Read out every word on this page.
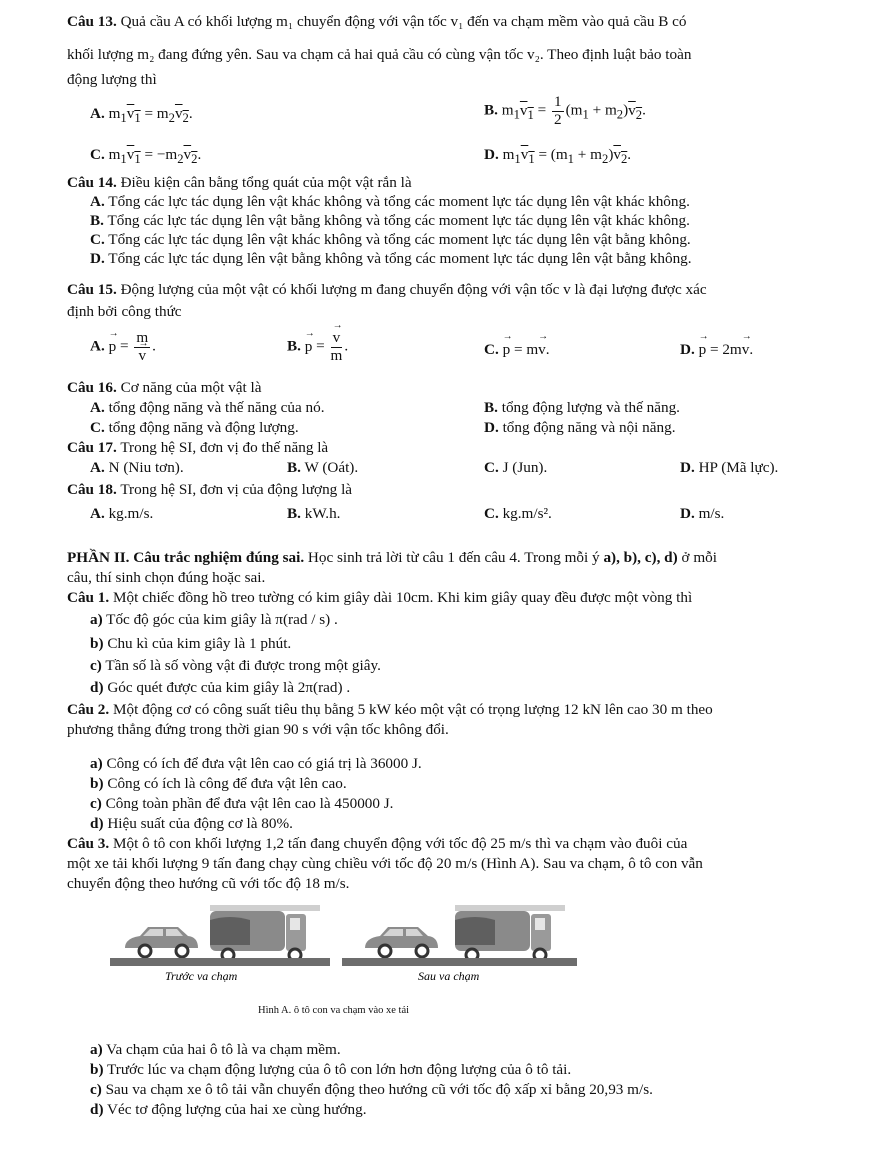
Câu 13. Quả cầu A có khối lượng m₁ chuyển động với vận tốc v₁ đến va chạm mềm vào quả cầu B có
khối lượng m₂ đang đứng yên. Sau va chạm cả hai quả cầu có cùng vận tốc v₂. Theo định luật bảo toàn
động lượng thì
A. $m_1v_1 = m_2v_2$.	B. $m_1v_1 = \frac{1}{2} (m_1 + m_2)v_2$.
C. $m_1v_1 = -m_2v_2$.	D. $m_1v_1 = (m_1 + m_2)v_2$.
Câu 14. Điều kiện cân bằng tổng quát của một vật rắn là
A. Tổng các lực tác dụng lên vật khác không và tổng các moment lực tác dụng lên vật khác không.
B. Tổng các lực tác dụng lên vật bằng không và tổng các moment lực tác dụng lên vật khác không.
C. Tổng các lực tác dụng lên vật khác không và tổng các moment lực tác dụng lên vật bằng không.
D. Tổng các lực tác dụng lên vật bằng không và tổng các moment lực tác dụng lên vật bằng không.
Câu 15. Động lượng của một vật có khối lượng m đang chuyển động với vận tốc v là đại lượng được xác
định bởi công thức
A. → p = m
→ v .	B. → p = → $\frac{v}{m}$ .	C. → p = m→ v.	D. → p = 2m→ v.
Câu 16. Cơ năng của một vật là
A. tổng động năng và thế năng của nó.	B. tổng động lượng và thế năng.
C. tổng động năng và động lượng.	D. tổng động năng và nội năng.
Câu 17. Trong hệ SI, đơn vị đo thế năng là
A. N (Niu tơn).	B. W (Oát).	C. J (Jun).	D. HP (Mã lực).
Câu 18. Trong hệ SI, đơn vị của động lượng là
A. kg.m/s.	B. kW.h.	C. kg.m/s².	D. m/s.
PHẦN II. Câu trắc nghiệm đúng sai. Học sinh trả lời từ câu 1 đến câu 4. Trong mỗi ý a), b), c), d) ở mỗi
câu, thí sinh chọn đúng hoặc sai.
Câu 1. Một chiếc đồng hồ treo tường có kim giây dài 10cm. Khi kim giây quay đều được một vòng thì
a) Tốc độ góc của kim giây là π(rad / s) .
b) Chu kì của kim giây là 1 phút.
c) Tần số là số vòng vật đi được trong một giây.
d) Góc quét được của kim giây là 2π(rad) .
Câu 2. Một động cơ có công suất tiêu thụ bằng 5 kW kéo một vật có trọng lượng 12 kN lên cao 30 m theo
phương thẳng đứng trong thời gian 90 s với vận tốc không đổi.
a) Công có ích để đưa vật lên cao có giá trị là 36000 J.
b) Công có ích là công để đưa vật lên cao.
c) Công toàn phần để đưa vật lên cao là 450000 J.
d) Hiệu suất của động cơ là 80%.
Câu 3. Một ô tô con khối lượng 1,2 tấn đang chuyển động với tốc độ 25 m/s thì va chạm vào đuôi của
một xe tải khối lượng 9 tấn đang chạy cùng chiều với tốc độ 20 m/s (Hình A). Sau va chạm, ô tô con vẫn
chuyển động theo hướng cũ với tốc độ 18 m/s.
Trước va chạm	Sau va chạm
Hình A. ô tô con va chạm vào xe tải
a) Va chạm của hai ô tô là va chạm mềm.
b) Trước lúc va chạm động lượng của ô tô con lớn hơn động lượng của ô tô tải.
c) Sau va chạm xe ô tô tải vẫn chuyển động theo hướng cũ với tốc độ xấp xỉ bằng 20,93 m/s.
d) Véc tơ động lượng của hai xe cùng hướng.
